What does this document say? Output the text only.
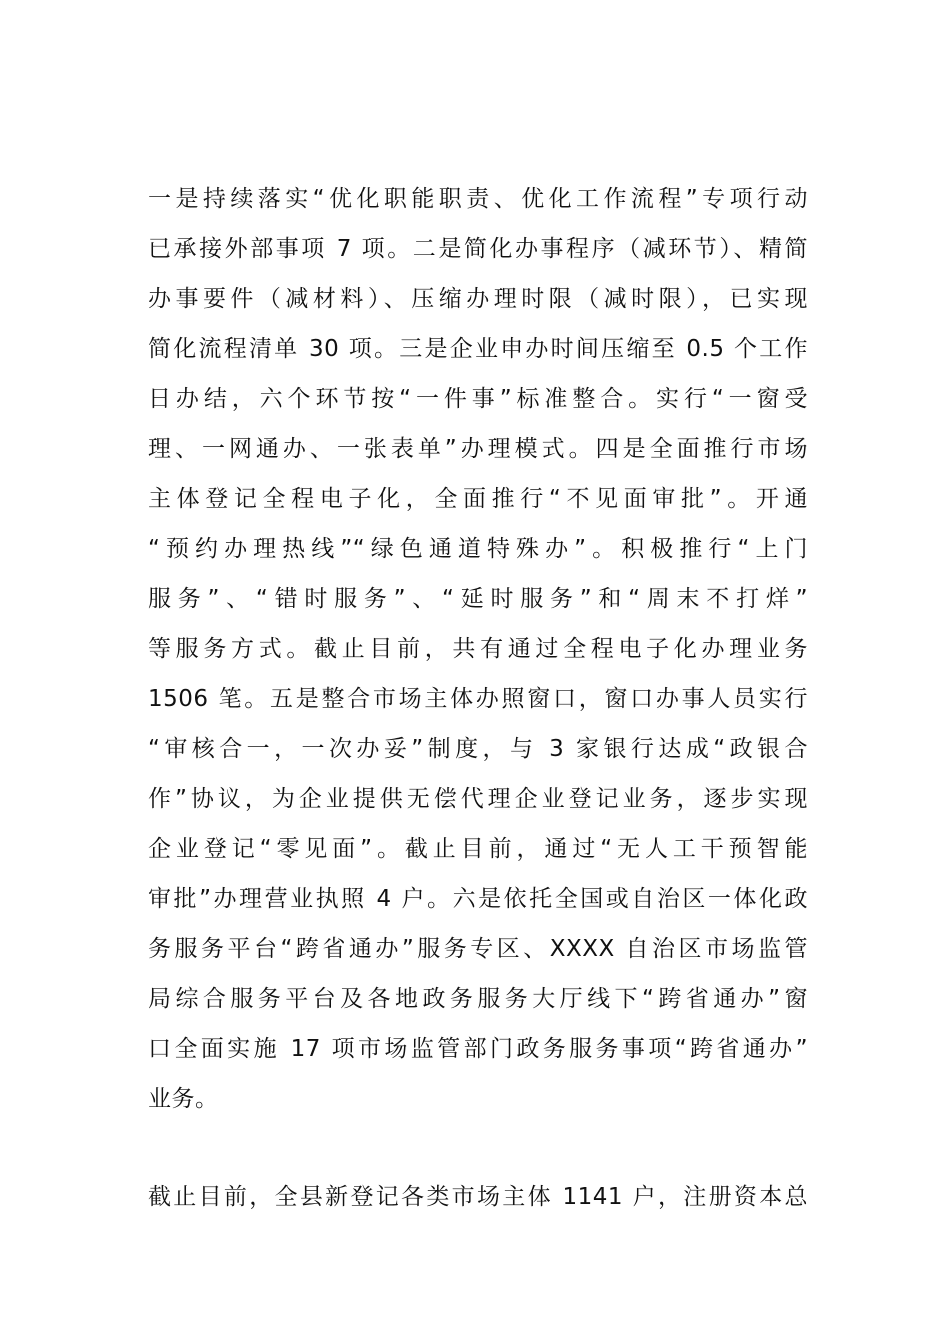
一是持续落实“优化职能职责、优化工作流程”专项行动
已承接外部事项 7 项。二是简化办事程序（减环节）、精简
办事要件（减材料）、压缩办理时限（减时限），已实现
简化流程清单 30 项。三是企业申办时间压缩至 0.5 个工作
日办结，六个环节按“一件事”标准整合。实行“一窗受
理、一网通办、一张表单”办理模式。四是全面推行市场
主体登记全程电子化，全面推行“不见面审批”。开通
“预约办理热线”“绿色通道特殊办”。积极推行“上门
服务”、“错时服务”、“延时服务”和“周末不打烊”
等服务方式。截止目前，共有通过全程电子化办理业务
1506 笔。五是整合市场主体办照窗口，窗口办事人员实行
“审核合一，一次办妥”制度，与 3 家银行达成“政银合
作”协议，为企业提供无偿代理企业登记业务，逐步实现
企业登记“零见面”。截止目前，通过“无人工干预智能
审批”办理营业执照 4 户。六是依托全国或自治区一体化政
务服务平台“跨省通办”服务专区、XXXX 自治区市场监管
局综合服务平台及各地政务服务大厅线下“跨省通办”窗
口全面实施 17 项市场监管部门政务服务事项“跨省通办”
业务。
截止目前，全县新登记各类市场主体 1141 户，注册资本总
